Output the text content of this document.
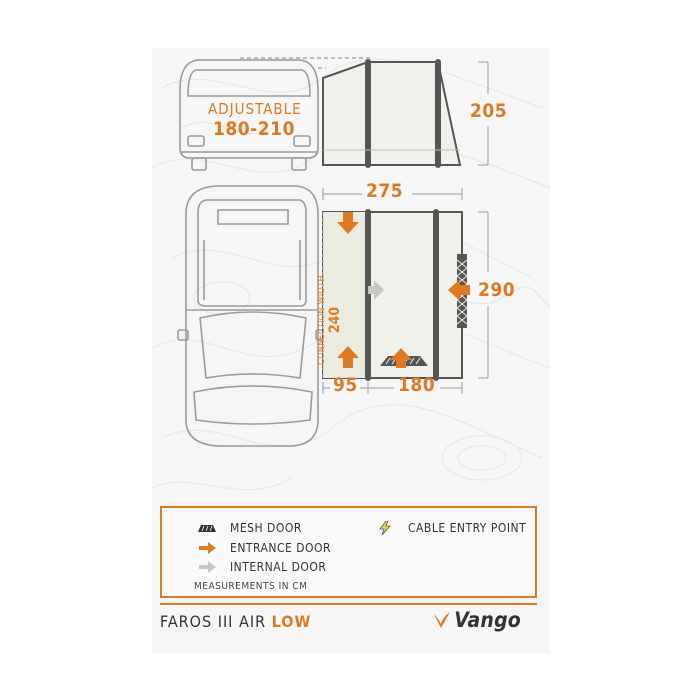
ADJUSTABLE
180-210
205
275
290
95 180
CONNECTION WIDTH 240
MESH DOOR
ENTRANCE DOOR
INTERNAL DOOR
CABLE ENTRY POINT
MEASUREMENTS IN CM
FAROS III AIR LOW	Vango
